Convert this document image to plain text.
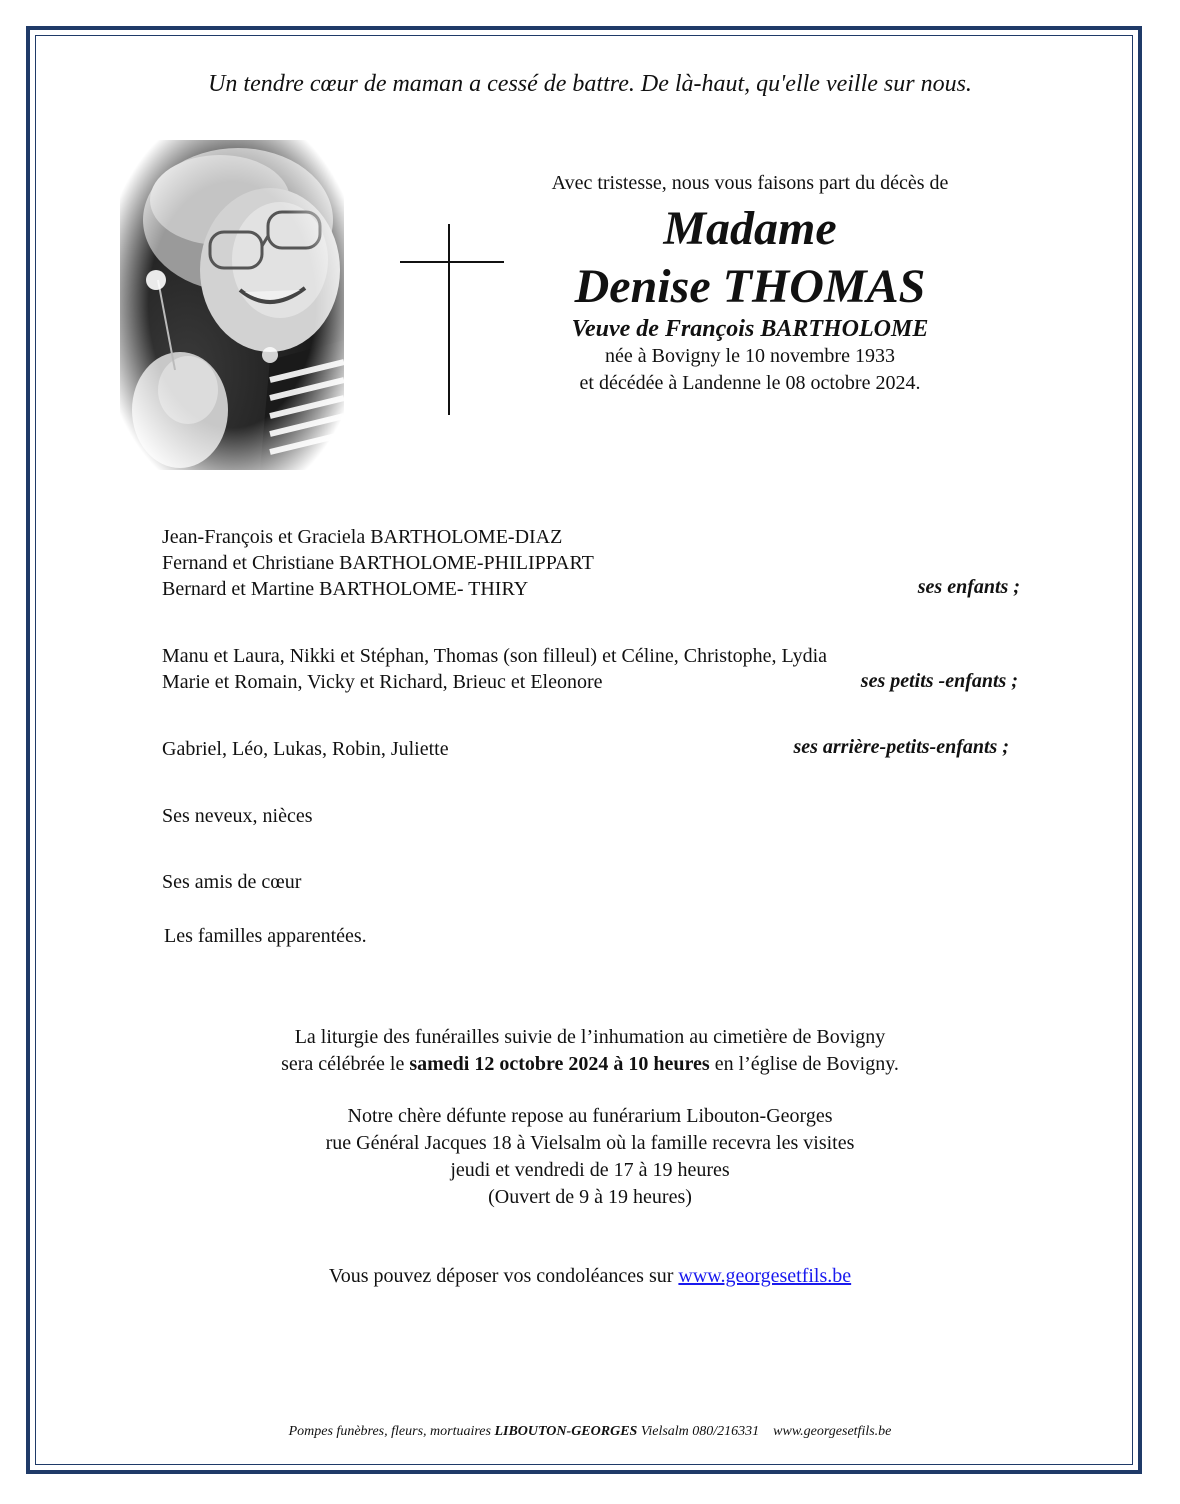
Un tendre cœur de maman a cessé de battre. De là-haut, qu'elle veille sur nous.
Avec tristesse, nous vous faisons part du décès de
Madame
Denise THOMAS
Veuve de François BARTHOLOME
née à Bovigny le 10 novembre 1933
et décédée à Landenne le 08 octobre 2024.
Jean-François et Graciela BARTHOLOME-DIAZ
Fernand et Christiane BARTHOLOME-PHILIPPART
Bernard et Martine BARTHOLOME- THIRY	ses enfants ;
Manu et Laura, Nikki et Stéphan, Thomas (son filleul) et Céline, Christophe, Lydia
Marie et Romain, Vicky et Richard, Brieuc et Eleonore	ses petits -enfants ;
Gabriel, Léo, Lukas, Robin, Juliette	ses arrière-petits-enfants ;
Ses neveux, nièces
Ses amis de cœur
Les familles apparentées.
La liturgie des funérailles suivie de l’inhumation au cimetière de Bovigny
sera célébrée le samedi 12 octobre 2024 à 10 heures en l’église de Bovigny.
Notre chère défunte repose au funérarium Libouton-Georges
rue Général Jacques 18 à Vielsalm où la famille recevra les visites
jeudi et vendredi de 17 à 19 heures
(Ouvert de 9 à 19 heures)
Vous pouvez déposer vos condoléances sur www.georgesetfils.be
Pompes funèbres, fleurs, mortuaires LIBOUTON-GEORGES Vielsalm 080/216331    www.georgesetfils.be
